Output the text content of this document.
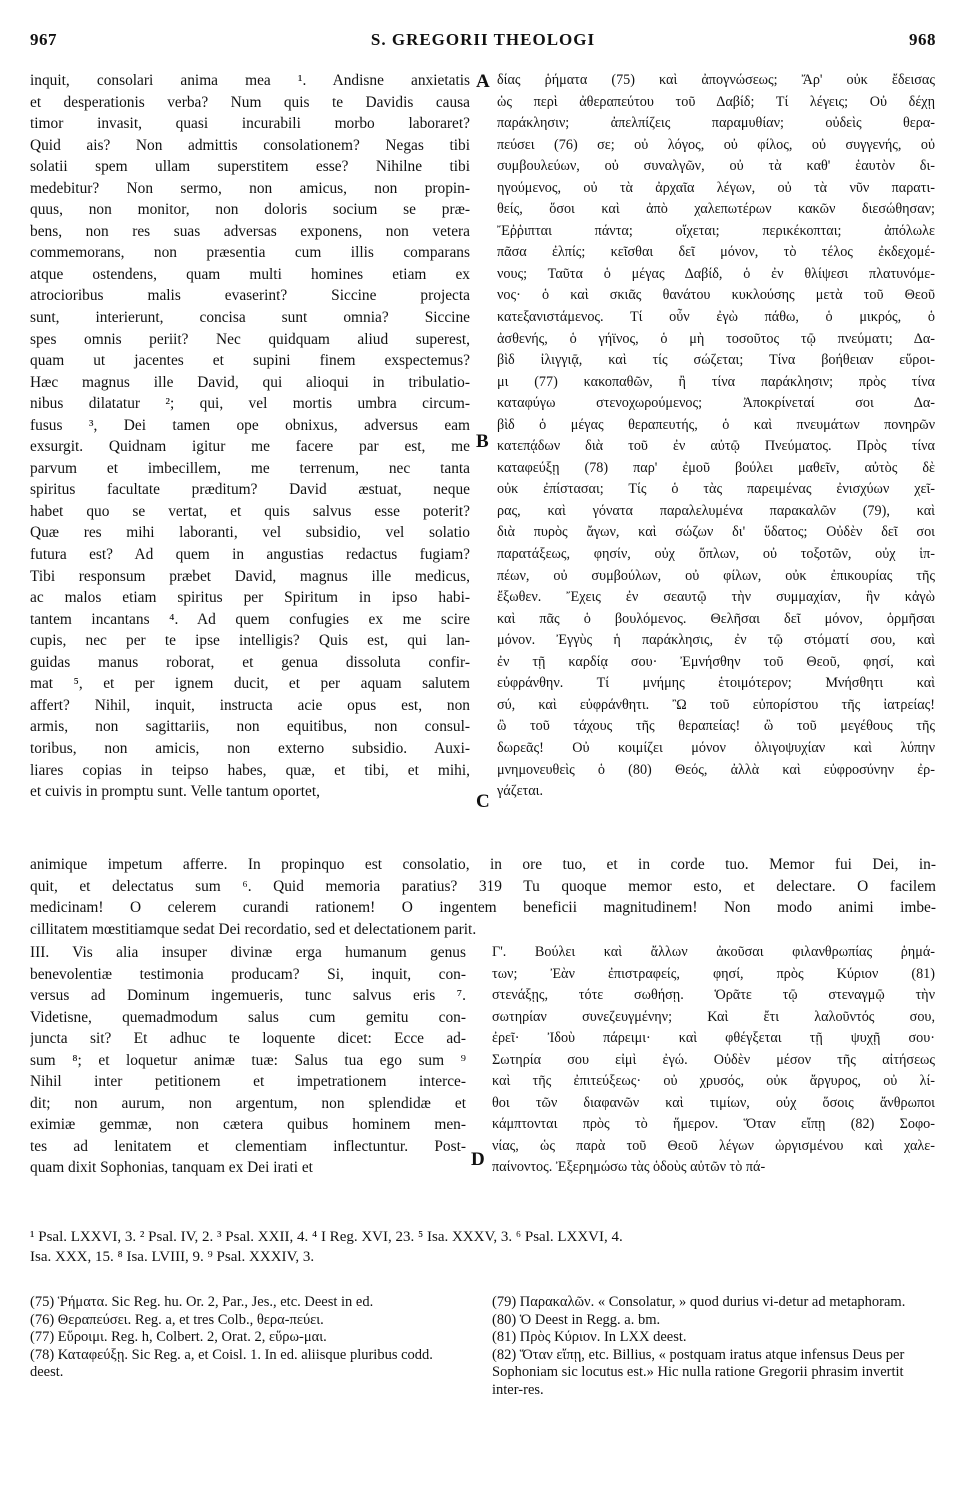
967	S. GREGORII THEOLOGI	968
inquit, consolari anima mea ¹. Andisne anxietatis
et desperationis verba? Num quis te Davidis causa
timor invasit, quasi incurabili morbo laboraret?
Quid ais? Non admittis consolationem? Negas tibi
solatii spem ullam superstitem esse? Nihilne tibi
medebitur? Non sermo, non amicus, non propin-
quus, non monitor, non doloris socium se præ-
bens, non res suas adversas exponens, non vetera
commemorans, non præsentia cum illis comparans
atque ostendens, quam multi homines etiam ex
atrocioribus malis evaserint? Siccine projecta
sunt, interierunt, concisa sunt omnia? Siccine
spes omnis periit? Nec quidquam aliud superest,
quam ut jacentes et supini finem exspectemus?
Hæc magnus ille David, qui alioqui in tribulatio-
nibus dilatatur ²; qui, vel mortis umbra circum-
fusus ³, Dei tamen ope obnixus, adversus eam
exsurgit. Quidnam igitur me facere par est, me
parvum et imbecillem, me terrenum, nec tanta
spiritus facultate præditum? David æstuat, neque
habet quo se vertat, et quis salvus esse poterit?
Quæ res mihi laboranti, vel subsidio, vel solatio
futura est? Ad quem in angustias redactus fugiam?
Tibi responsum præbet David, magnus ille medicus,
ac malos etiam spiritus per Spiritum in ipso habi-
tantem incantans ⁴. Ad quem confugies ex me scire
cupis, nec per te ipse intelligis? Quis est, qui lan-
guidas manus roborat, et genua dissoluta confir-
mat ⁵, et per ignem ducit, et per aquam salutem
affert? Nihil, inquit, instructa acie opus est, non
armis, non sagittariis, non equitibus, non consul-
toribus, non amicis, non externo subsidio. Auxi-
liares copias in teipso habes, quæ, et tibi, et mihi,
et cuivis in promptu sunt. Velle tantum oportet,
δίας ῥήματα (75) καὶ ἀπογνώσεως; Ἄρ' οὐκ ἔδεισας
ὡς περὶ ἀθεραπεύτου τοῦ Δαβίδ; Τί λέγεις; Οὐ δέχῃ
παράκλησιν; ἀπελπίζεις παραμυθίαν; οὐδεὶς θερα-
πεύσει (76) σε; οὐ λόγος, οὐ φίλος, οὐ συγγενής, οὐ
συμβουλεύων, οὐ συναλγῶν, οὐ τὰ καθ' ἑαυτὸν δι-
ηγούμενος, οὐ τὰ ἀρχαῖα λέγων, οὐ τὰ νῦν παρατι-
θείς, ὅσοι καὶ ἀπὸ χαλεπωτέρων κακῶν διεσώθησαν;
Ἔῤῥιπται πάντα; οἴχεται; περικέκοπται; ἀπόλωλε
πᾶσα ἐλπίς; κεῖσθαι δεῖ μόνον, τὸ τέλος ἐκδεχομέ-
νους; Ταῦτα ὁ μέγας Δαβίδ, ὁ ἐν θλίψεσι πλατυνόμε-
νος· ὁ καὶ σκιᾶς θανάτου κυκλούσης μετὰ τοῦ Θεοῦ
κατεξανιστάμενος. Τί οὖν ἐγὼ πάθω, ὁ μικρός, ὁ
ἀσθενής, ὁ γήϊνος, ὁ μὴ τοσοῦτος τῷ πνεύματι; Δα-
βὶδ ἰλιγγιᾷ, καὶ τίς σώζεται; Τίνα βοήθειαν εὕροι-
μι (77) κακοπαθῶν, ἢ τίνα παράκλησιν; πρὸς τίνα
καταφύγω στενοχωρούμενος; Ἀποκρίνεταί σοι Δα-
βὶδ ὁ μέγας θεραπευτής, ὁ καὶ πνευμάτων πονηρῶν
κατεπᾴδων διὰ τοῦ ἐν αὐτῷ Πνεύματος. Πρὸς τίνα
καταφεύξῃ (78) παρ' ἐμοῦ βούλει μαθεῖν, αὐτὸς δὲ
οὐκ ἐπίστασαι; Τίς ὁ τὰς παρειμένας ἐνισχύων χεῖ-
ρας, καὶ γόνατα παραλελυμένα παρακαλῶν (79), καὶ
διὰ πυρὸς ἄγων, καὶ σώζων δι' ὕδατος; Οὐδὲν δεῖ σοι
παρατάξεως, φησίν, οὐχ ὅπλων, οὐ τοξοτῶν, οὐχ ἱπ-
πέων, οὐ συμβούλων, οὐ φίλων, οὐκ ἐπικουρίας τῆς
ἔξωθεν. Ἔχεις ἐν σεαυτῷ τὴν συμμαχίαν, ἣν κἀγὼ
καὶ πᾶς ὁ βουλόμενος. Θελῆσαι δεῖ μόνον, ὁρμῆσαι
μόνον. Ἐγγὺς ἡ παράκλησις, ἐν τῷ στόματί σου, καὶ
ἐν τῇ καρδίᾳ σου· Ἐμνήσθην τοῦ Θεοῦ, φησί, καὶ
εὐφράνθην. Τί μνήμης ἑτοιμότερον; Μνήσθητι καὶ
σύ, καὶ εὐφράνθητι. Ὢ τοῦ εὐπορίστου τῆς ἰατρείας!
ὢ τοῦ τάχους τῆς θεραπείας! ὢ τοῦ μεγέθους τῆς
δωρεᾶς! Οὐ κοιμίζει μόνον ὀλιγοψυχίαν καὶ λύπην
μνημονευθεὶς ὁ (80) Θεός, ἀλλὰ καὶ εὐφροσύνην ἐρ-
γάζεται.
A
B
C
D
animique impetum afferre. In propinquo est consolatio, in ore tuo, et in corde tuo. Memor fui Dei, in-
quit, et delectatus sum ⁶. Quid memoria paratius? 319 Tu quoque memor esto, et delectare. O facilem
medicinam! O celerem curandi rationem! O ingentem beneficii magnitudinem! Non modo animi imbe-
cillitatem mœstitiamque sedat Dei recordatio, sed et delectationem parit.
III. Vis alia insuper divinæ erga humanum genus
benevolentiæ testimonia producam? Si, inquit, con-
versus ad Dominum ingemueris, tunc salvus eris ⁷.
Videtisne, quemadmodum salus cum gemitu con-
juncta sit? Et adhuc te loquente dicet: Ecce ad-
sum ⁸; et loquetur animæ tuæ: Salus tua ego sum ⁹
Nihil inter petitionem et impetrationem interce-
dit; non aurum, non argentum, non splendidæ et
eximiæ gemmæ, non cætera quibus hominem men-
tes ad lenitatem et clementiam inflectuntur. Post-
quam dixit Sophonias, tanquam ex Dei irati et
Γ'. Βούλει καὶ ἄλλων ἀκοῦσαι φιλανθρωπίας ῥημά-
των; Ἐὰν ἐπιστραφείς, φησί, πρὸς Κύριον (81)
στενάξῃς, τότε σωθήσῃ. Ὁρᾶτε τῷ στεναγμῷ τὴν
σωτηρίαν συνεζευγμένην; Καὶ ἔτι λαλοῦντός σου,
ἐρεῖ· Ἰδοὺ πάρειμι· καὶ φθέγξεται τῇ ψυχῇ σου·
Σωτηρία σου εἰμὶ ἐγώ. Οὐδὲν μέσον τῆς αἰτήσεως
καὶ τῆς ἐπιτεύξεως· οὐ χρυσός, οὐκ ἄργυρος, οὐ λί-
θοι τῶν διαφανῶν καὶ τιμίων, οὐχ ὅσοις ἄνθρωποι
κάμπτονται πρὸς τὸ ἥμερον. Ὅταν εἴπῃ (82) Σοφο-
νίας, ὡς παρὰ τοῦ Θεοῦ λέγων ὠργισμένου καὶ χαλε-
παίνοντος. Ἐξερημώσω τὰς ὁδοὺς αὐτῶν τὸ πά-
¹ Psal. LXXVI, 3. ² Psal. IV, 2. ³ Psal. XXII, 4. ⁴ I Reg. XVI, 23. ⁵ Isa. XXXV, 3. ⁶ Psal. LXXVI, 4.
Isa. XXX, 15. ⁸ Isa. LVIII, 9. ⁹ Psal. XXXIV, 3.
(75) Ῥήματα. Sic Reg. hu. Or. 2, Par., Jes., etc. Deest in ed.
(76) Θεραπεύσει. Reg. a, et tres Colb., θερα-πεύει.
(77) Εὕροιμι. Reg. h, Colbert. 2, Orat. 2, εὕρω-μαι.
(78) Καταφεύξῃ. Sic Reg. a, et Coisl. 1. In ed. aliisque pluribus codd. deest.
(79) Παρακαλῶν. « Consolatur, » quod durius vi-detur ad metaphoram.
(80) Ὁ Deest in Regg. a. bm.
(81) Πρὸς Κύριον. In LXX deest.
(82) Ὅταν εἴπῃ, etc. Billius, « postquam iratus atque infensus Deus per Sophoniam sic locutus est.» Hic nulla ratione Gregorii phrasim invertit inter-res.
